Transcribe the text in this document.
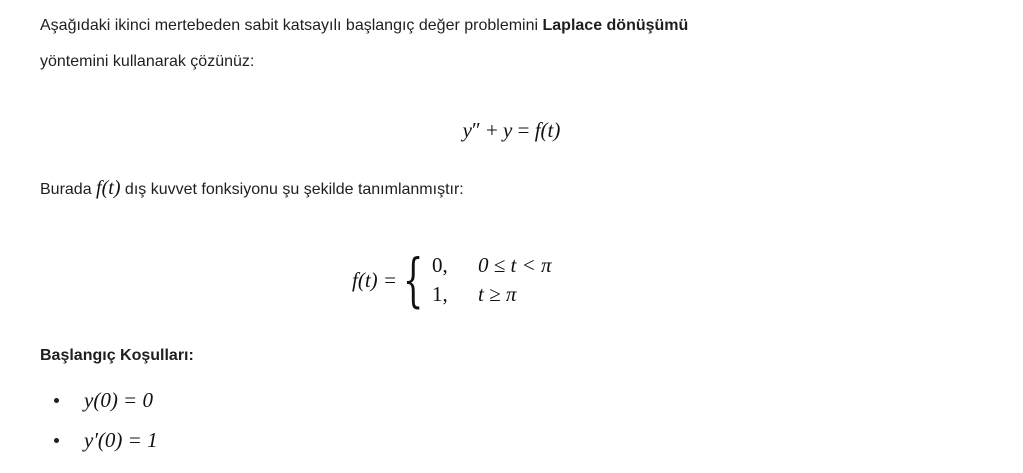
Aşağıdaki ikinci mertebeden sabit katsayılı başlangıç değer problemini Laplace dönüşümü

yöntemini kullanarak çözünüz:

y″ + y = f(t)

Burada f(t) dış kuvvet fonksiyonu şu şekilde tanımlanmıştır:

f(t) = { 0,	0 ≤ t < π
1,	t ≥ π
Başlangıç Koşulları:
y(0) = 0
y′(0) = 1
